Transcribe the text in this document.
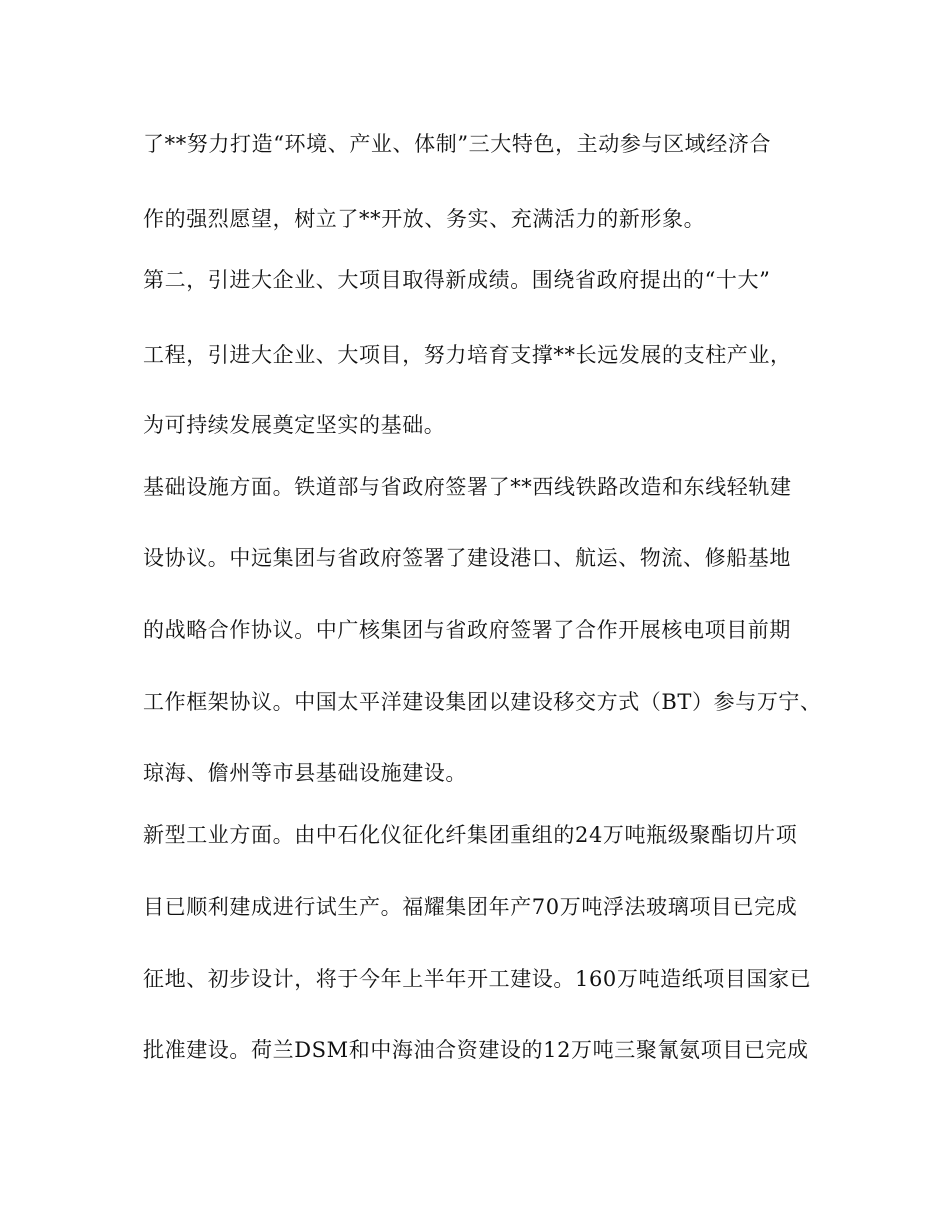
了**努力打造“环境、产业、体制”三大特色，主动参与区域经济合

作的强烈愿望，树立了**开放、务实、充满活力的新形象。

第二，引进大企业、大项目取得新成绩。围绕省政府提出的“十大”

工程，引进大企业、大项目，努力培育支撑**长远发展的支柱产业，

为可持续发展奠定坚实的基础。

基础设施方面。铁道部与省政府签署了**西线铁路改造和东线轻轨建

设协议。中远集团与省政府签署了建设港口、航运、物流、修船基地

的战略合作协议。中广核集团与省政府签署了合作开展核电项目前期

工作框架协议。中国太平洋建设集团以建设移交方式（BT）参与万宁、

琼海、儋州等市县基础设施建设。

新型工业方面。由中石化仪征化纤集团重组的24万吨瓶级聚酯切片项

目已顺利建成进行试生产。福耀集团年产70万吨浮法玻璃项目已完成

征地、初步设计，将于今年上半年开工建设。160万吨造纸项目国家已

批准建设。荷兰DSM和中海油合资建设的12万吨三聚氰氨项目已完成
